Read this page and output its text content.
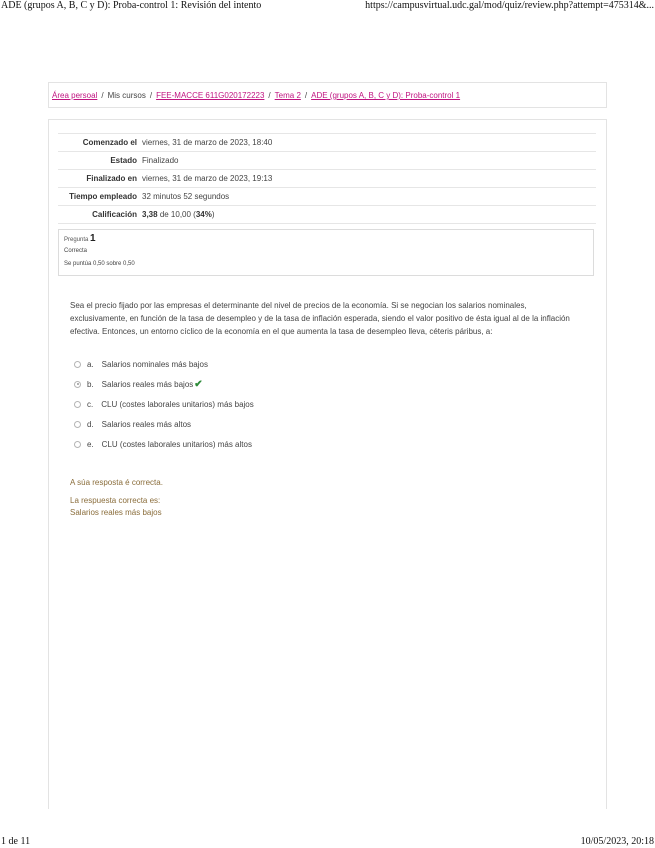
ADE (grupos A, B, C y D): Proba-control 1: Revisión del intento	https://campusvirtual.udc.gal/mod/quiz/review.php?attempt=475314&...
Área persoal / Mis cursos / FEE-MACCE 611G020172223 / Tema 2 / ADE (grupos A, B, C y D): Proba-control 1
Comenzado el viernes, 31 de marzo de 2023, 18:40
Estado Finalizado
Finalizado en viernes, 31 de marzo de 2023, 19:13
Tiempo empleado 32 minutos 52 segundos
Calificación 3,38 de 10,00 (34%)
Pregunta 1
Correcta
Se puntúa 0,50 sobre 0,50
Sea el precio fijado por las empresas el determinante del nivel de precios de la economía. Si se negocian los salarios nominales, exclusivamente, en función de la tasa de desempleo y de la tasa de inflación esperada, siendo el valor positivo de ésta igual al de la inflación efectiva. Entonces, un entorno cíclico de la economía en el que aumenta la tasa de desempleo lleva, céteris páribus, a:
a. Salarios nominales más bajos
b. Salarios reales más bajos ✔
c. CLU (costes laborales unitarios) más bajos
d. Salarios reales más altos
e. CLU (costes laborales unitarios) más altos
A súa resposta é correcta.
La respuesta correcta es:
Salarios reales más bajos
1 de 11	10/05/2023, 20:18
